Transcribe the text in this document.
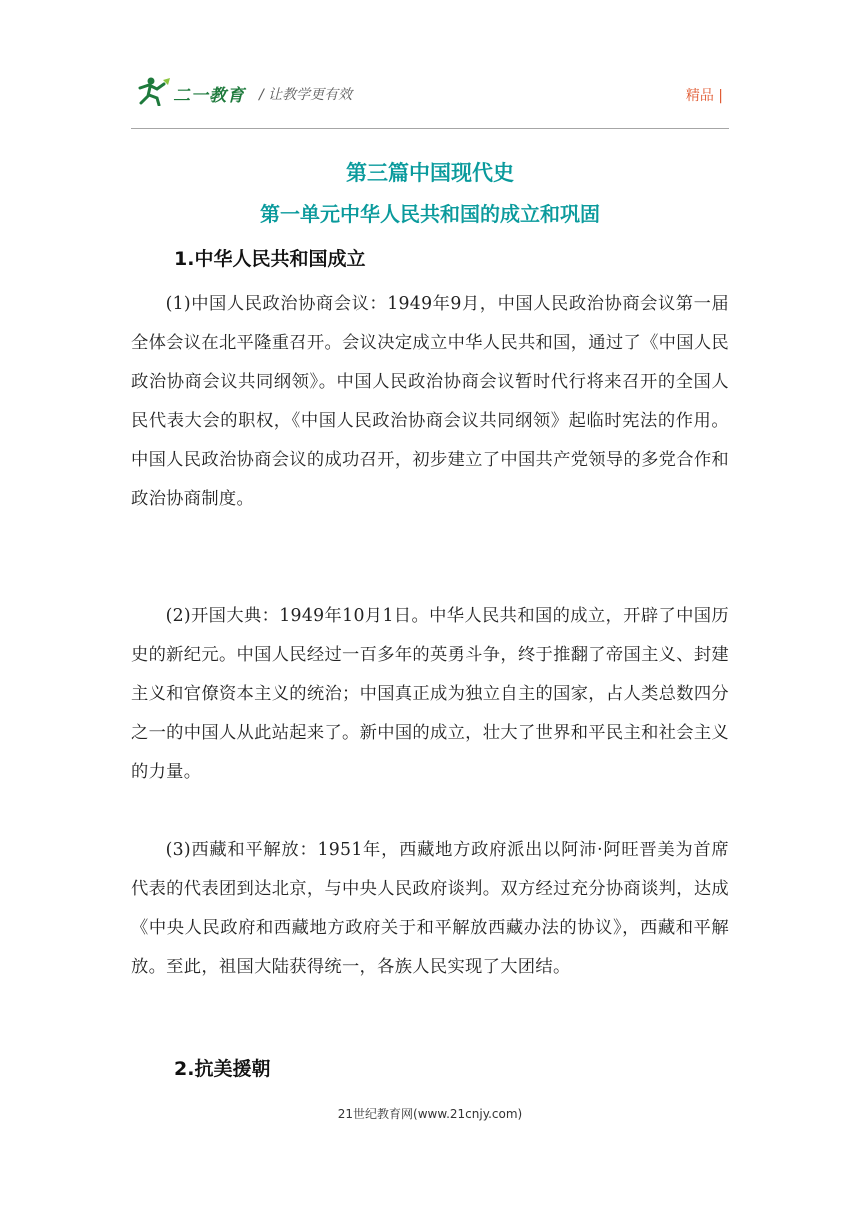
二一教育 / 让教学更有效	精品 |
第三篇中国现代史
第一单元中华人民共和国的成立和巩固
1.中华人民共和国成立
(1)中国人民政治协商会议：1949年9月，中国人民政治协商会议第一届全体会议在北平隆重召开。会议决定成立中华人民共和国，通过了《中国人民政治协商会议共同纲领》。中国人民政治协商会议暂时代行将来召开的全国人民代表大会的职权，《中国人民政治协商会议共同纲领》起临时宪法的作用。中国人民政治协商会议的成功召开，初步建立了中国共产党领导的多党合作和政治协商制度。
(2)开国大典：1949年10月1日。中华人民共和国的成立，开辟了中国历史的新纪元。中国人民经过一百多年的英勇斗争，终于推翻了帝国主义、封建主义和官僚资本主义的统治；中国真正成为独立自主的国家，占人类总数四分之一的中国人从此站起来了。新中国的成立，壮大了世界和平民主和社会主义的力量。
(3)西藏和平解放：1951年，西藏地方政府派出以阿沛·阿旺晋美为首席代表的代表团到达北京，与中央人民政府谈判。双方经过充分协商谈判，达成《中央人民政府和西藏地方政府关于和平解放西藏办法的协议》，西藏和平解放。至此，祖国大陆获得统一，各族人民实现了大团结。
2.抗美援朝
21世纪教育网(www.21cnjy.com)
